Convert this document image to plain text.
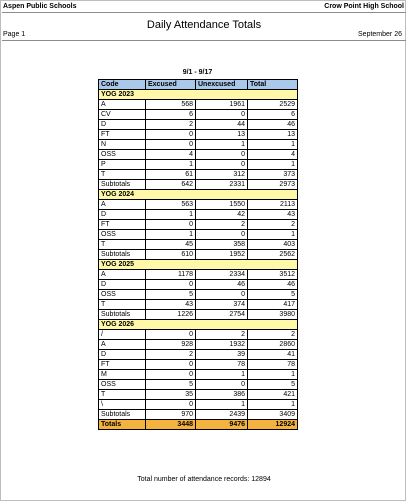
Aspen Public Schools	Crow Point High School
Daily Attendance Totals
Page 1	September 26
9/1 - 9/17
Code	Excused	Unexcused	Total
YOG 2023			
A	568	1961	2529
CV	6	0	6
D	2	44	46
FT	0	13	13
N	0	1	1
OSS	4	0	4
P	1	0	1
T	61	312	373
Subtotals	642	2331	2973
YOG 2024			
A	563	1550	2113
D	1	42	43
FT	0	2	2
OSS	1	0	1
T	45	358	403
Subtotals	610	1952	2562
YOG 2025			
A	1178	2334	3512
D	0	46	46
OSS	5	0	5
T	43	374	417
Subtotals	1226	2754	3980
YOG 2026			
/	0	2	2
A	928	1932	2860
D	2	39	41
FT	0	78	78
M	0	1	1
OSS	5	0	5
T	35	386	421
\	0	1	1
Subtotals	970	2439	3409
Totals	3448	9476	12924
Total number of attendance records: 12894
